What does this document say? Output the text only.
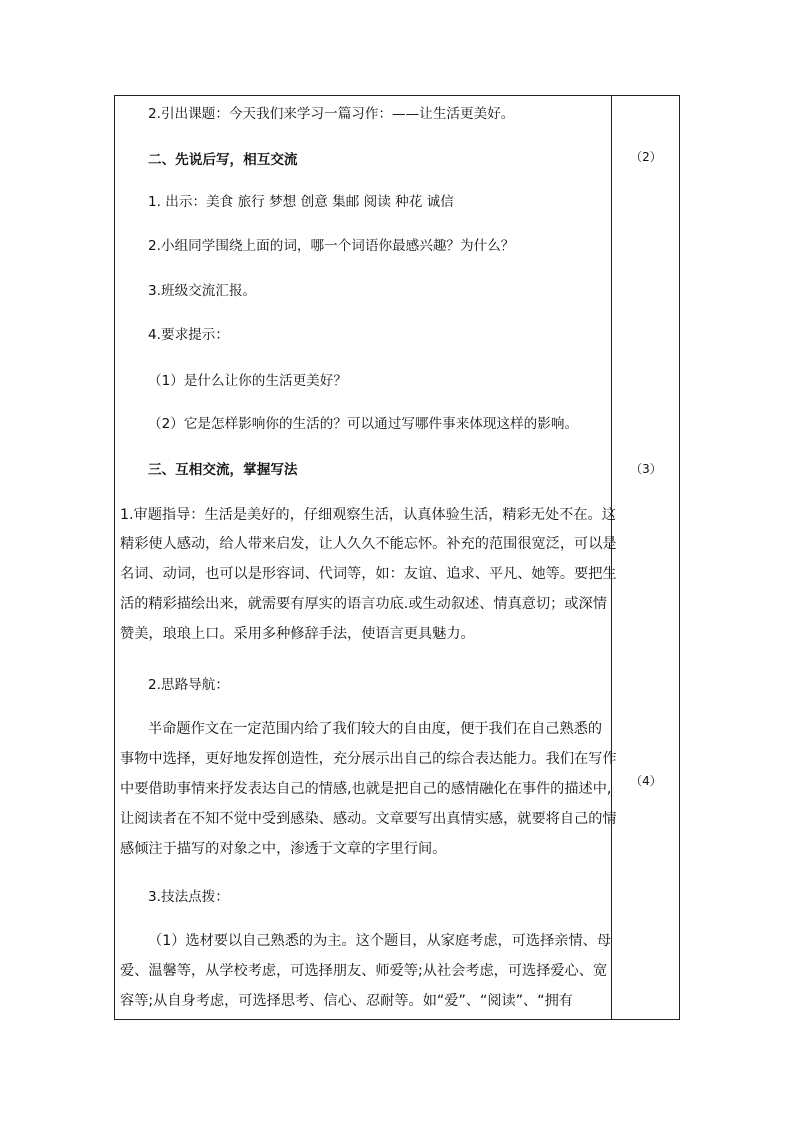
2.引出课题：今天我们来学习一篇习作：——让生活更美好。
二、先说后写，相互交流
1. 出示：美食 旅行 梦想 创意 集邮 阅读 种花 诚信
2.小组同学围绕上面的词，哪一个词语你最感兴趣？为什么？
3.班级交流汇报。
4.要求提示：
（1）是什么让你的生活更美好？
（2）它是怎样影响你的生活的？可以通过写哪件事来体现这样的影响。
三、互相交流，掌握写法
1.审题指导：生活是美好的，仔细观察生活，认真体验生活，精彩无处不在。这
精彩使人感动，给人带来启发，让人久久不能忘怀。补充的范围很宽泛，可以是
名词、动词，也可以是形容词、代词等，如：友谊、追求、平凡、她等。要把生
活的精彩描绘出来，就需要有厚实的语言功底.或生动叙述、情真意切；或深情
赞美，琅琅上口。采用多种修辞手法，使语言更具魅力。
2.思路导航：
半命题作文在一定范围内给了我们较大的自由度，便于我们在自己熟悉的
事物中选择，更好地发挥创造性，充分展示出自己的综合表达能力。我们在写作
中要借助事情来抒发表达自己的情感,也就是把自己的感情融化在事件的描述中,
让阅读者在不知不觉中受到感染、感动。文章要写出真情实感，就要将自己的情
感倾注于描写的对象之中，渗透于文章的字里行间。
3.技法点拨：
（1）选材要以自己熟悉的为主。这个题目，从家庭考虑，可选择亲情、母
爱、温馨等，从学校考虑，可选择朋友、师爱等;从社会考虑，可选择爱心、宽
容等;从自身考虑，可选择思考、信心、忍耐等。如“爱”、“阅读”、“拥有
（2）
（3）
（4）
